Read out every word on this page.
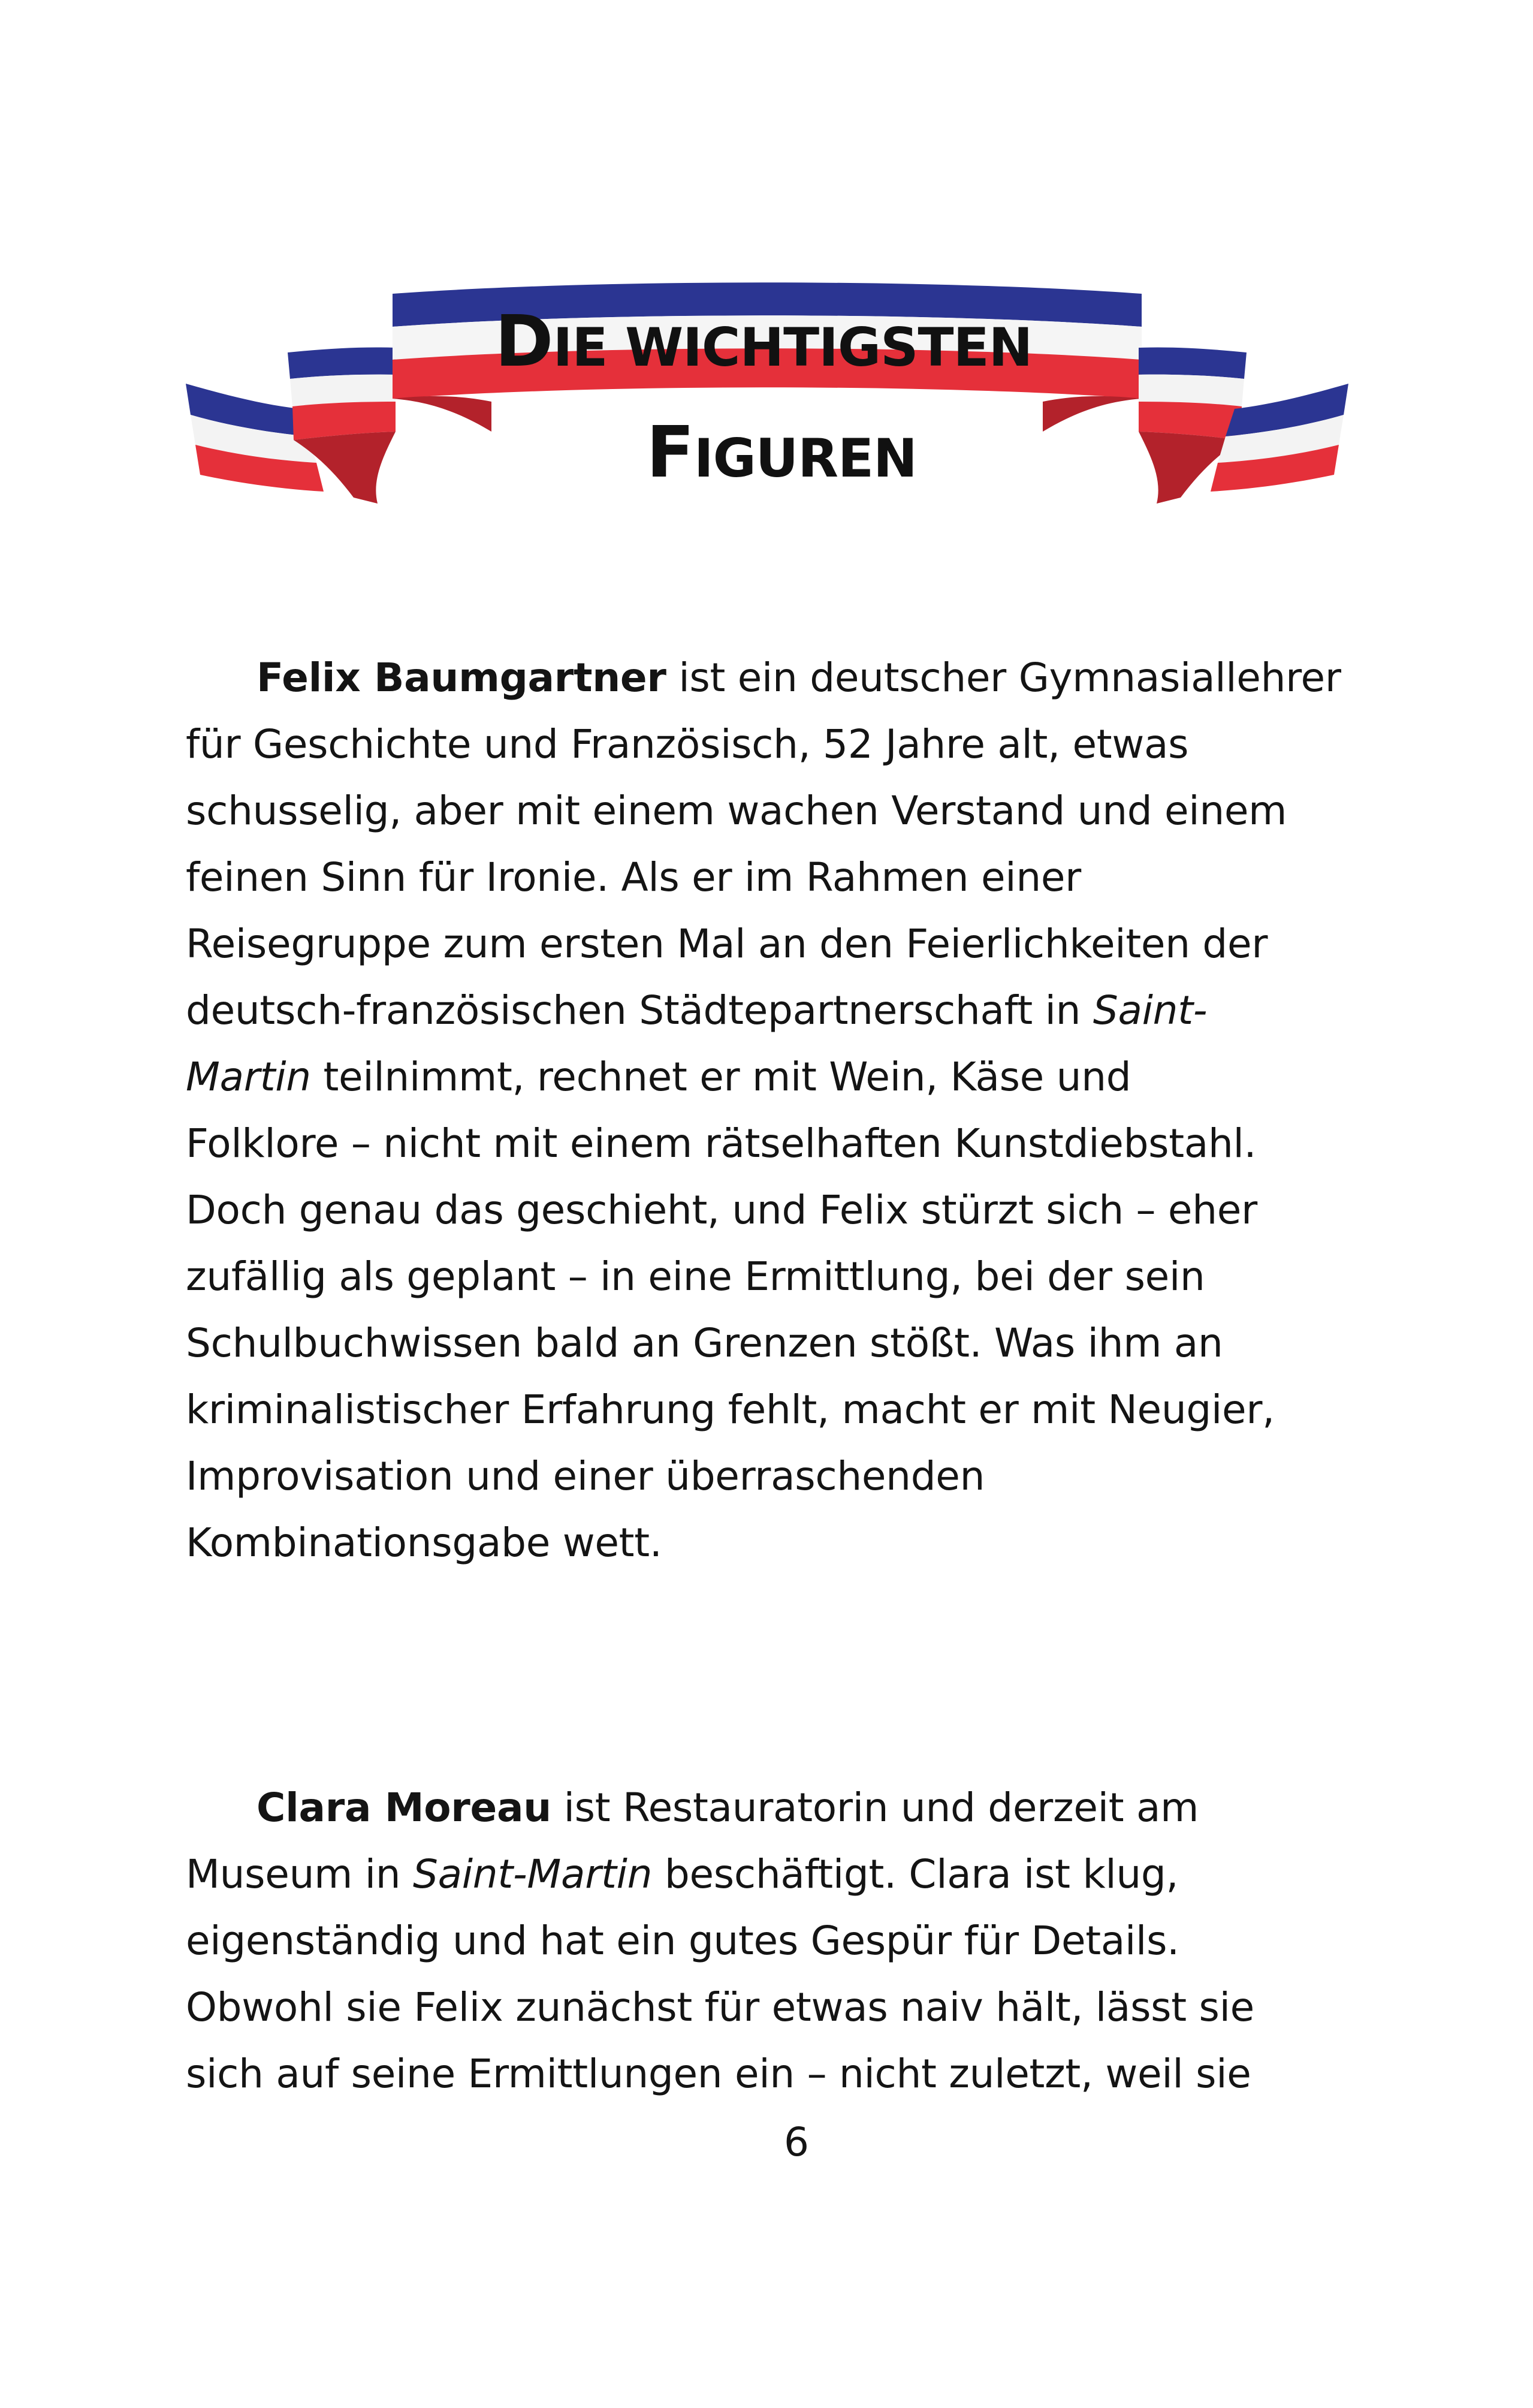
DIE WICHTIGSTEN
FIGUREN

Felix Baumgartner ist ein deutscher Gymnasiallehrer
für Geschichte und Französisch, 52 Jahre alt, etwas
schusselig, aber mit einem wachen Verstand und einem
feinen Sinn für Ironie. Als er im Rahmen einer
Reisegruppe zum ersten Mal an den Feierlichkeiten der
deutsch-französischen Städtepartnerschaft in Saint-
Martin teilnimmt, rechnet er mit Wein, Käse und
Folklore – nicht mit einem rätselhaften Kunstdiebstahl.
Doch genau das geschieht, und Felix stürzt sich – eher
zufällig als geplant – in eine Ermittlung, bei der sein
Schulbuchwissen bald an Grenzen stößt. Was ihm an
kriminalistischer Erfahrung fehlt, macht er mit Neugier,
Improvisation und einer überraschenden
Kombinationsgabe wett.

Clara Moreau ist Restauratorin und derzeit am
Museum in Saint-Martin beschäftigt. Clara ist klug,
eigenständig und hat ein gutes Gespür für Details.
Obwohl sie Felix zunächst für etwas naiv hält, lässt sie
sich auf seine Ermittlungen ein – nicht zuletzt, weil sie

6
